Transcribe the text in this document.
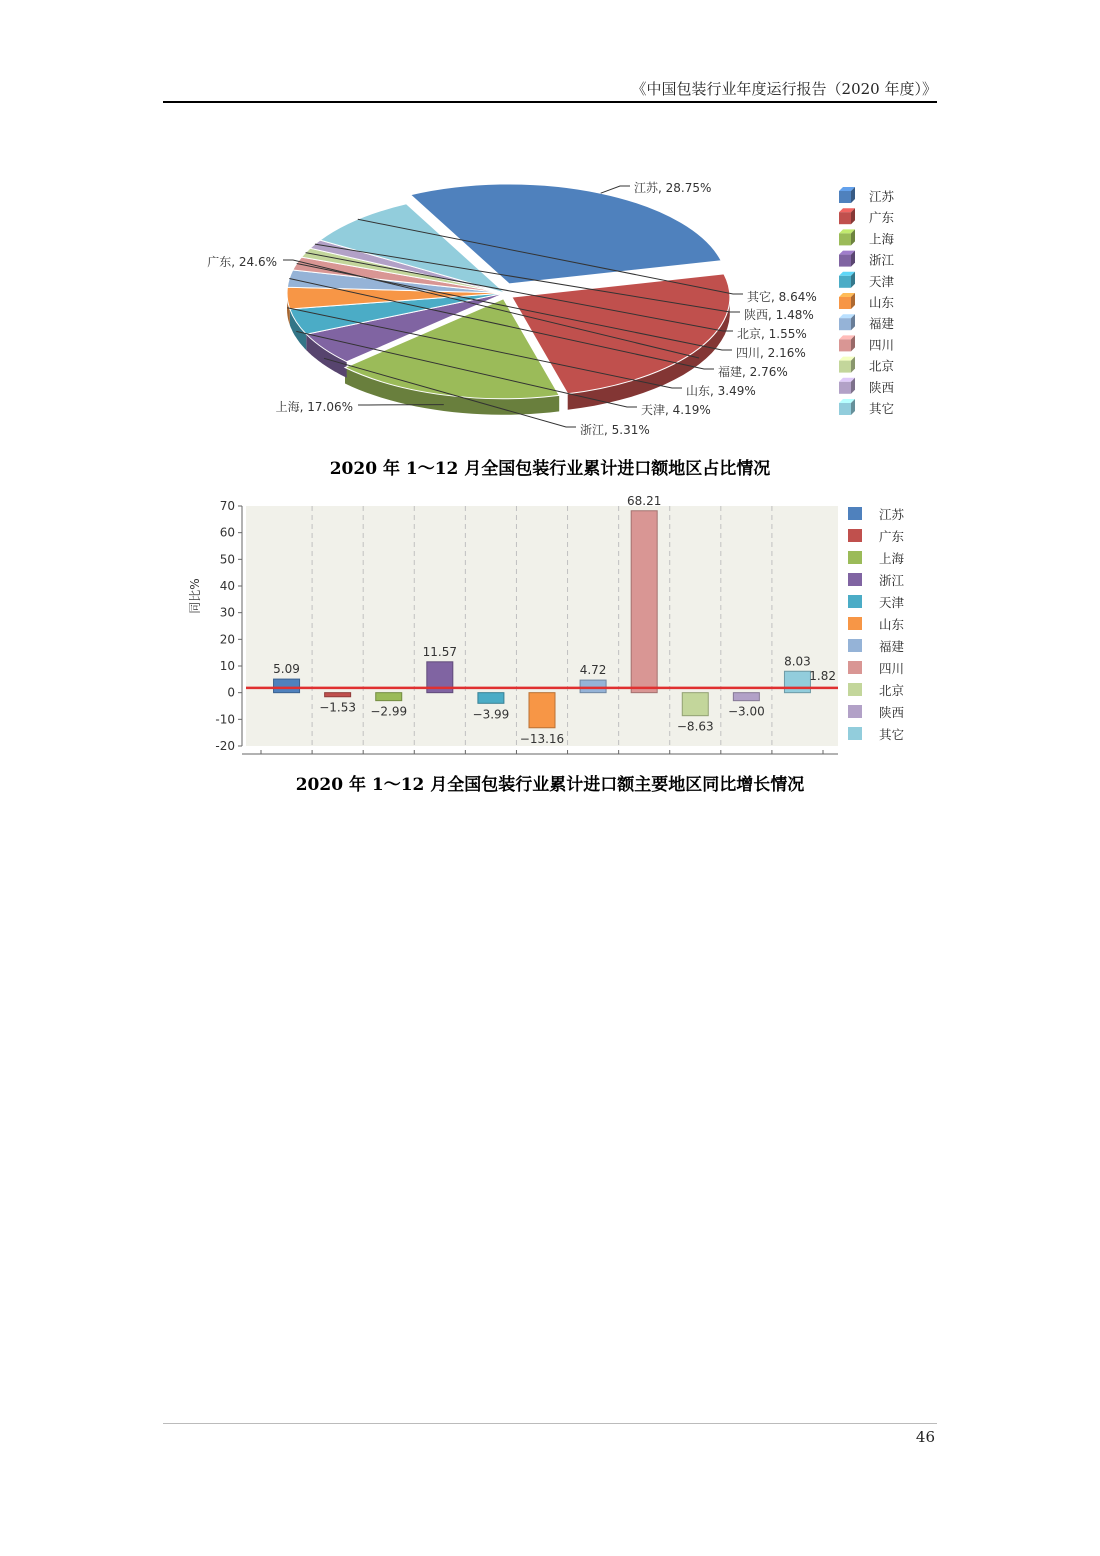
《中国包装行业年度运行报告（2020 年度）》
江苏, 28.75%
广东, 24.6%
上海, 17.06%
浙江, 5.31%
天津, 4.19%
山东, 3.49%
福建, 2.76%
四川, 2.16%
北京, 1.55%
陕西, 1.48%
其它, 8.64%
江苏
广东
上海
浙江
天津
山东
福建
四川
北京
陕西
其它
2020 年 1～12 月全国包装行业累计进口额地区占比情况
70
60
50
40
30
20
10
0
-10
-20
同比%
5.09
−1.53 −2.99
11.57
−3.99
−13.16
4.72
68.21
−8.63
−3.00
8.03
1.82
江苏
广东
上海
浙江
天津
山东
福建
四川
北京
陕西
其它
2020 年 1～12 月全国包装行业累计进口额主要地区同比增长情况
46
